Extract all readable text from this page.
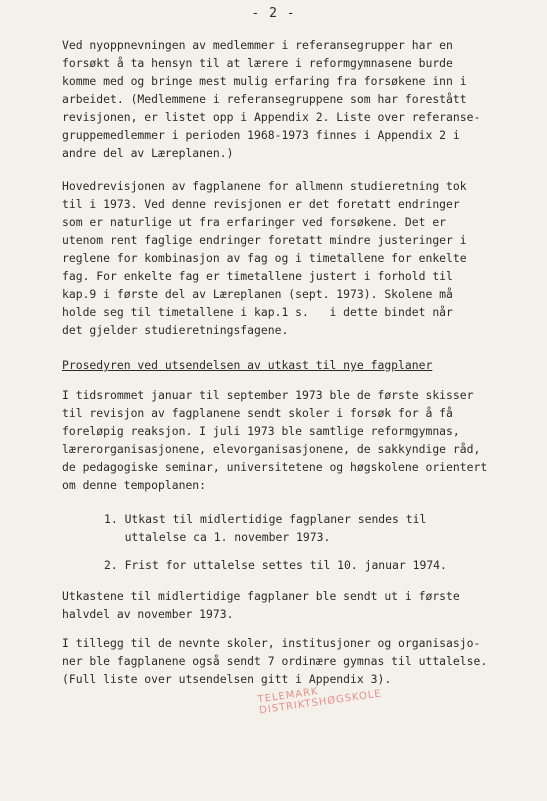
- 2 -
Ved nyoppnevningen av medlemmer i referansegrupper har en
forsøkt å ta hensyn til at lærere i reformgymnasene burde
komme med og bringe mest mulig erfaring fra forsøkene inn i
arbeidet. (Medlemmene i referansegruppene som har forestått
revisjonen, er listet opp i Appendix 2. Liste over referanse-
gruppemedlemmer i perioden 1968-1973 finnes i Appendix 2 i
andre del av Læreplanen.)
Hovedrevisjonen av fagplanene for allmenn studieretning tok
til i 1973. Ved denne revisjonen er det foretatt endringer
som er naturlige ut fra erfaringer ved forsøkene. Det er
utenom rent faglige endringer foretatt mindre justeringer i
reglene for kombinasjon av fag og i timetallene for enkelte
fag. For enkelte fag er timetallene justert i forhold til
kap.9 i første del av Læreplanen (sept. 1973). Skolene må
holde seg til timetallene i kap.1 s.   i dette bindet når
det gjelder studieretningsfagene.
Prosedyren ved utsendelsen av utkast til nye fagplaner
I tidsrommet januar til september 1973 ble de første skisser
til revisjon av fagplanene sendt skoler i forsøk for å få
foreløpig reaksjon. I juli 1973 ble samtlige reformgymnas,
lærerorganisasjonene, elevorganisasjonene, de sakkyndige råd,
de pedagogiske seminar, universitetene og høgskolene orientert
om denne tempoplanen:
1. Utkast til midlertidige fagplaner sendes til
uttalelse ca 1. november 1973.
2. Frist for uttalelse settes til 10. januar 1974.
Utkastene til midlertidige fagplaner ble sendt ut i første
halvdel av november 1973.
I tillegg til de nevnte skoler, institusjoner og organisasjo-
ner ble fagplanene også sendt 7 ordinære gymnas til uttalelse.
(Full liste over utsendelsen gitt i Appendix 3).
TELEMARK
DISTRIKTSHØGSKOLE
